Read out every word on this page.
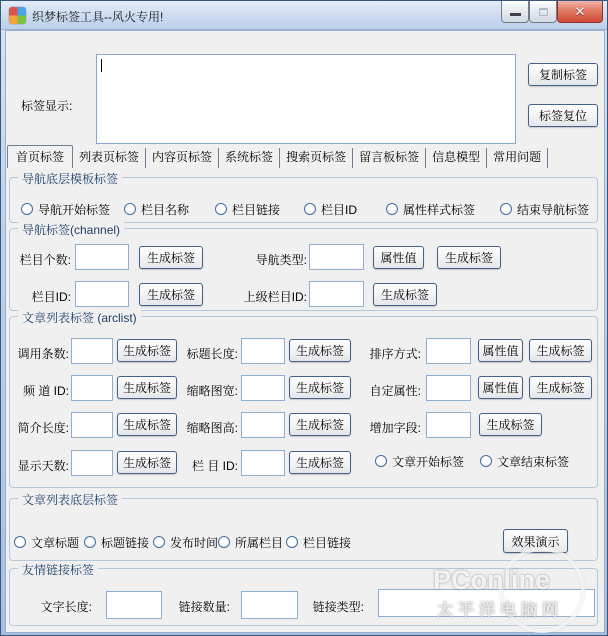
织梦标签工具--风火专用!	✕
标签显示:
复制标签
标签复位
首页标签	列表页标签	内容页标签	系统标签	搜索页标签	留言板标签	信息模型	常用问题
导航底层模板标签
导航开始标签	栏目名称	栏目链接	栏目ID	属性样式标签	结束导航标签
导航标签(channel)
栏目个数:	生成标签	导航类型:	属性值	生成标签
栏目ID:	生成标签	上级栏目ID:	生成标签
文章列表标签 (arclist)
调用条数:	生成标签	标题长度:	生成标签	排序方式:	属性值	生成标签
频 道 ID:	生成标签	缩略图宽:	生成标签	自定属性:	属性值	生成标签
简介长度:	生成标签	缩略图高:	生成标签	增加字段:	生成标签
显示天数:	生成标签	栏 目 ID:	生成标签	文章开始标签	文章结束标签
文章列表底层标签
文章标题 标题链接 发布时间 所属栏目 栏目链接	效果演示
友情链接标签
文字长度:	链接数量:	链接类型:
PConline
太平洋电脑网
